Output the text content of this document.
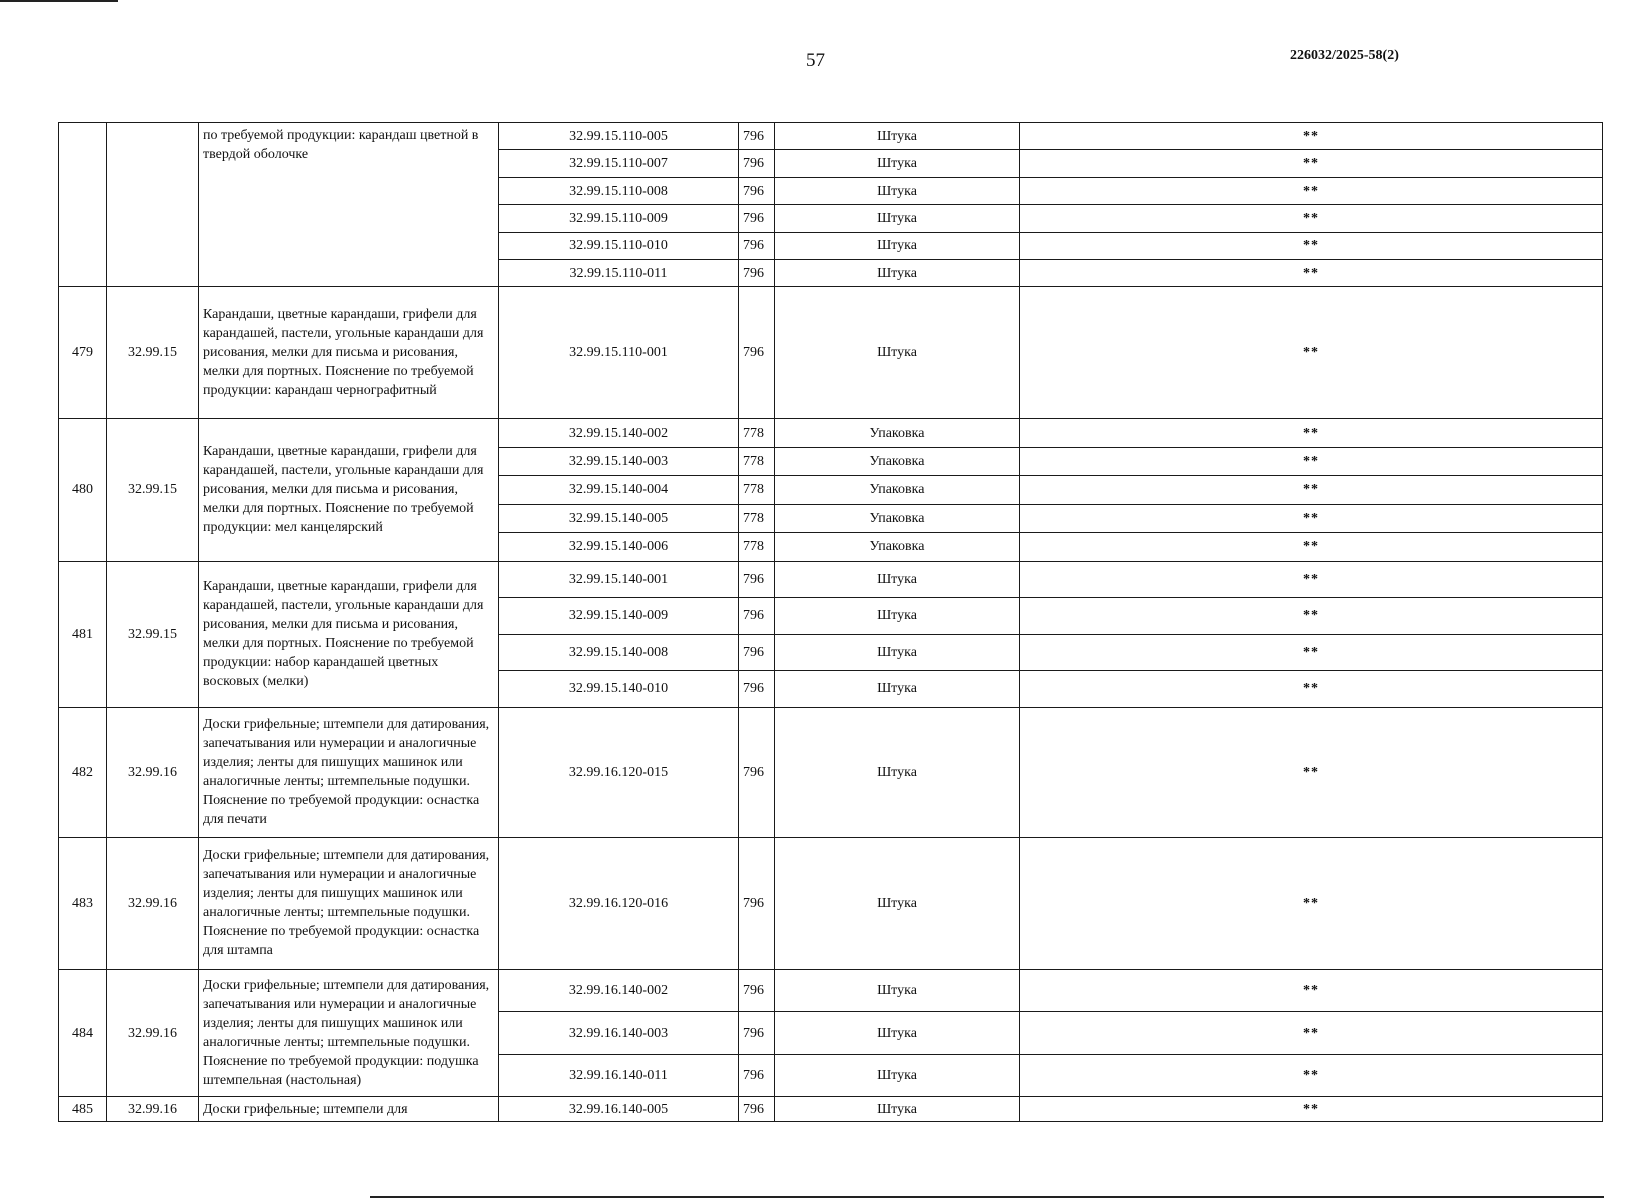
57	226032/2025-58(2)
		по требуемой продукции: карандаш цветной в твердой оболочке	32.99.15.110-005	796	Штука	**
			32.99.15.110-007	796	Штука	**
			32.99.15.110-008	796	Штука	**
			32.99.15.110-009	796	Штука	**
			32.99.15.110-010	796	Штука	**
			32.99.15.110-011	796	Штука	**
479	32.99.15	Карандаши, цветные карандаши, грифели для карандашей, пастели, угольные карандаши для рисования, мелки для письма и рисования, мелки для портных. Пояснение по требуемой продукции: карандаш чернографитный	32.99.15.110-001	796	Штука	**
480	32.99.15	Карандаши, цветные карандаши, грифели для карандашей, пастели, угольные карандаши для рисования, мелки для письма и рисования, мелки для портных. Пояснение по требуемой продукции: мел канцелярский	32.99.15.140-002	778	Упаковка	**
			32.99.15.140-003	778	Упаковка	**
			32.99.15.140-004	778	Упаковка	**
			32.99.15.140-005	778	Упаковка	**
			32.99.15.140-006	778	Упаковка	**
481	32.99.15	Карандаши, цветные карандаши, грифели для карандашей, пастели, угольные карандаши для рисования, мелки для письма и рисования, мелки для портных. Пояснение по требуемой продукции: набор карандашей цветных восковых (мелки)	32.99.15.140-001	796	Штука	**
			32.99.15.140-009	796	Штука	**
			32.99.15.140-008	796	Штука	**
			32.99.15.140-010	796	Штука	**
482	32.99.16	Доски грифельные; штемпели для датирования, запечатывания или нумерации и аналогичные изделия; ленты для пишущих машинок или аналогичные ленты; штемпельные подушки. Пояснение по требуемой продукции: оснастка для печати	32.99.16.120-015	796	Штука	**
483	32.99.16	Доски грифельные; штемпели для датирования, запечатывания или нумерации и аналогичные изделия; ленты для пишущих машинок или аналогичные ленты; штемпельные подушки. Пояснение по требуемой продукции: оснастка для штампа	32.99.16.120-016	796	Штука	**
484	32.99.16	Доски грифельные; штемпели для датирования, запечатывания или нумерации и аналогичные изделия; ленты для пишущих машинок или аналогичные ленты; штемпельные подушки. Пояснение по требуемой продукции: подушка штемпельная (настольная)	32.99.16.140-002	796	Штука	**
			32.99.16.140-003	796	Штука	**
			32.99.16.140-011	796	Штука	**
485	32.99.16	Доски грифельные; штемпели для	32.99.16.140-005	796	Штука	**
